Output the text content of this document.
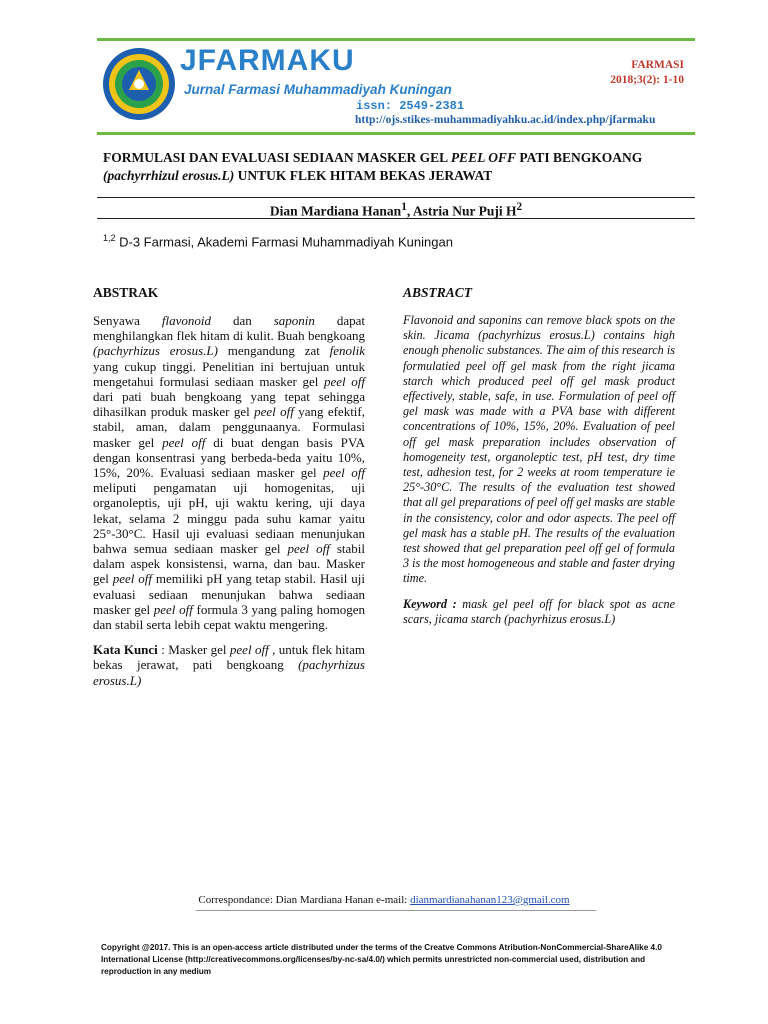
JFARMAKU
Jurnal Farmasi Muhammadiyah Kuningan
issn: 2549-2381
http://ojs.stikes-muhammadiyahku.ac.id/index.php/jfarmaku
FARMASI
2018;3(2): 1-10
FORMULASI DAN EVALUASI SEDIAAN MASKER GEL PEEL OFF PATI BENGKOANG
(pachyrrhizul erosus.L) UNTUK FLEK HITAM BEKAS JERAWAT
Dian Mardiana Hanan$^1$, Astria Nur Puji $H^2$
$^{1,2}$ D-3 Farmasi, Akademi Farmasi Muhammadiyah Kuningan
ABSTRAK
Senyawa flavonoid dan saponin dapat menghilangkan flek hitam di kulit. Buah bengkoang (pachyrhizus erosus.L) mengandung zat fenolik yang cukup tinggi. Penelitian ini bertujuan untuk mengetahui formulasi sediaan masker gel peel off dari pati buah bengkoang yang tepat sehingga dihasilkan produk masker gel peel off yang efektif, stabil, aman, dalam penggunaanya. Formulasi masker gel peel off di buat dengan basis PVA dengan konsentrasi yang berbeda-beda yaitu 10%, 15%, 20%. Evaluasi sediaan masker gel peel off meliputi pengamatan uji homogenitas, uji organoleptis, uji pH, uji waktu kering, uji daya lekat, selama 2 minggu pada suhu kamar yaitu 25°-30°C. Hasil uji evaluasi sediaan menunjukan bahwa semua sediaan masker gel peel off stabil dalam aspek konsistensi, warna, dan bau. Masker gel peel off memiliki pH yang tetap stabil. Hasil uji evaluasi sediaan menunjukan bahwa sediaan masker gel peel off formula 3 yang paling homogen dan stabil serta lebih cepat waktu mengering.
Kata Kunci : Masker gel peel off , untuk flek hitam bekas jerawat, pati bengkoang (pachyrhizus erosus.L)
ABSTRACT
Flavonoid and saponins can remove black spots on the skin. Jicama (pachyrhizus erosus.L) contains high enough phenolic substances. The aim of this research is formulatied peel off gel mask from the right jicama starch which produced peel off gel mask product effectively, stable, safe, in use. Formulation of peel off gel mask was made with a PVA base with different concentrations of 10%, 15%, 20%. Evaluation of peel off gel mask preparation includes observation of homogeneity test, organoleptic test, pH test, dry time test, adhesion test, for 2 weeks at room temperature ie 25°-30°C. The results of the evaluation test showed that all gel preparations of peel off gel masks are stable in the consistency, color and odor aspects. The peel off gel mask has a stable pH. The results of the evaluation test showed that gel preparation peel off gel of formula 3 is the most homogeneous and stable and faster drying time.
Keyword : mask gel peel off for black spot as acne scars, jicama starch (pachyrhizus erosus.L)
Correspondance: Dian Mardiana Hanan e-mail: dianmardianahanan123@gmail.com
Copyright @2017. This is an open-access article distributed under the terms of the Creatve Commons Atribution-NonCommercial-ShareAlike 4.0 International License (http://creativecommons.org/licenses/by-nc-sa/4.0/) which permits unrestricted non-commercial used, distribution and reproduction in any medium
